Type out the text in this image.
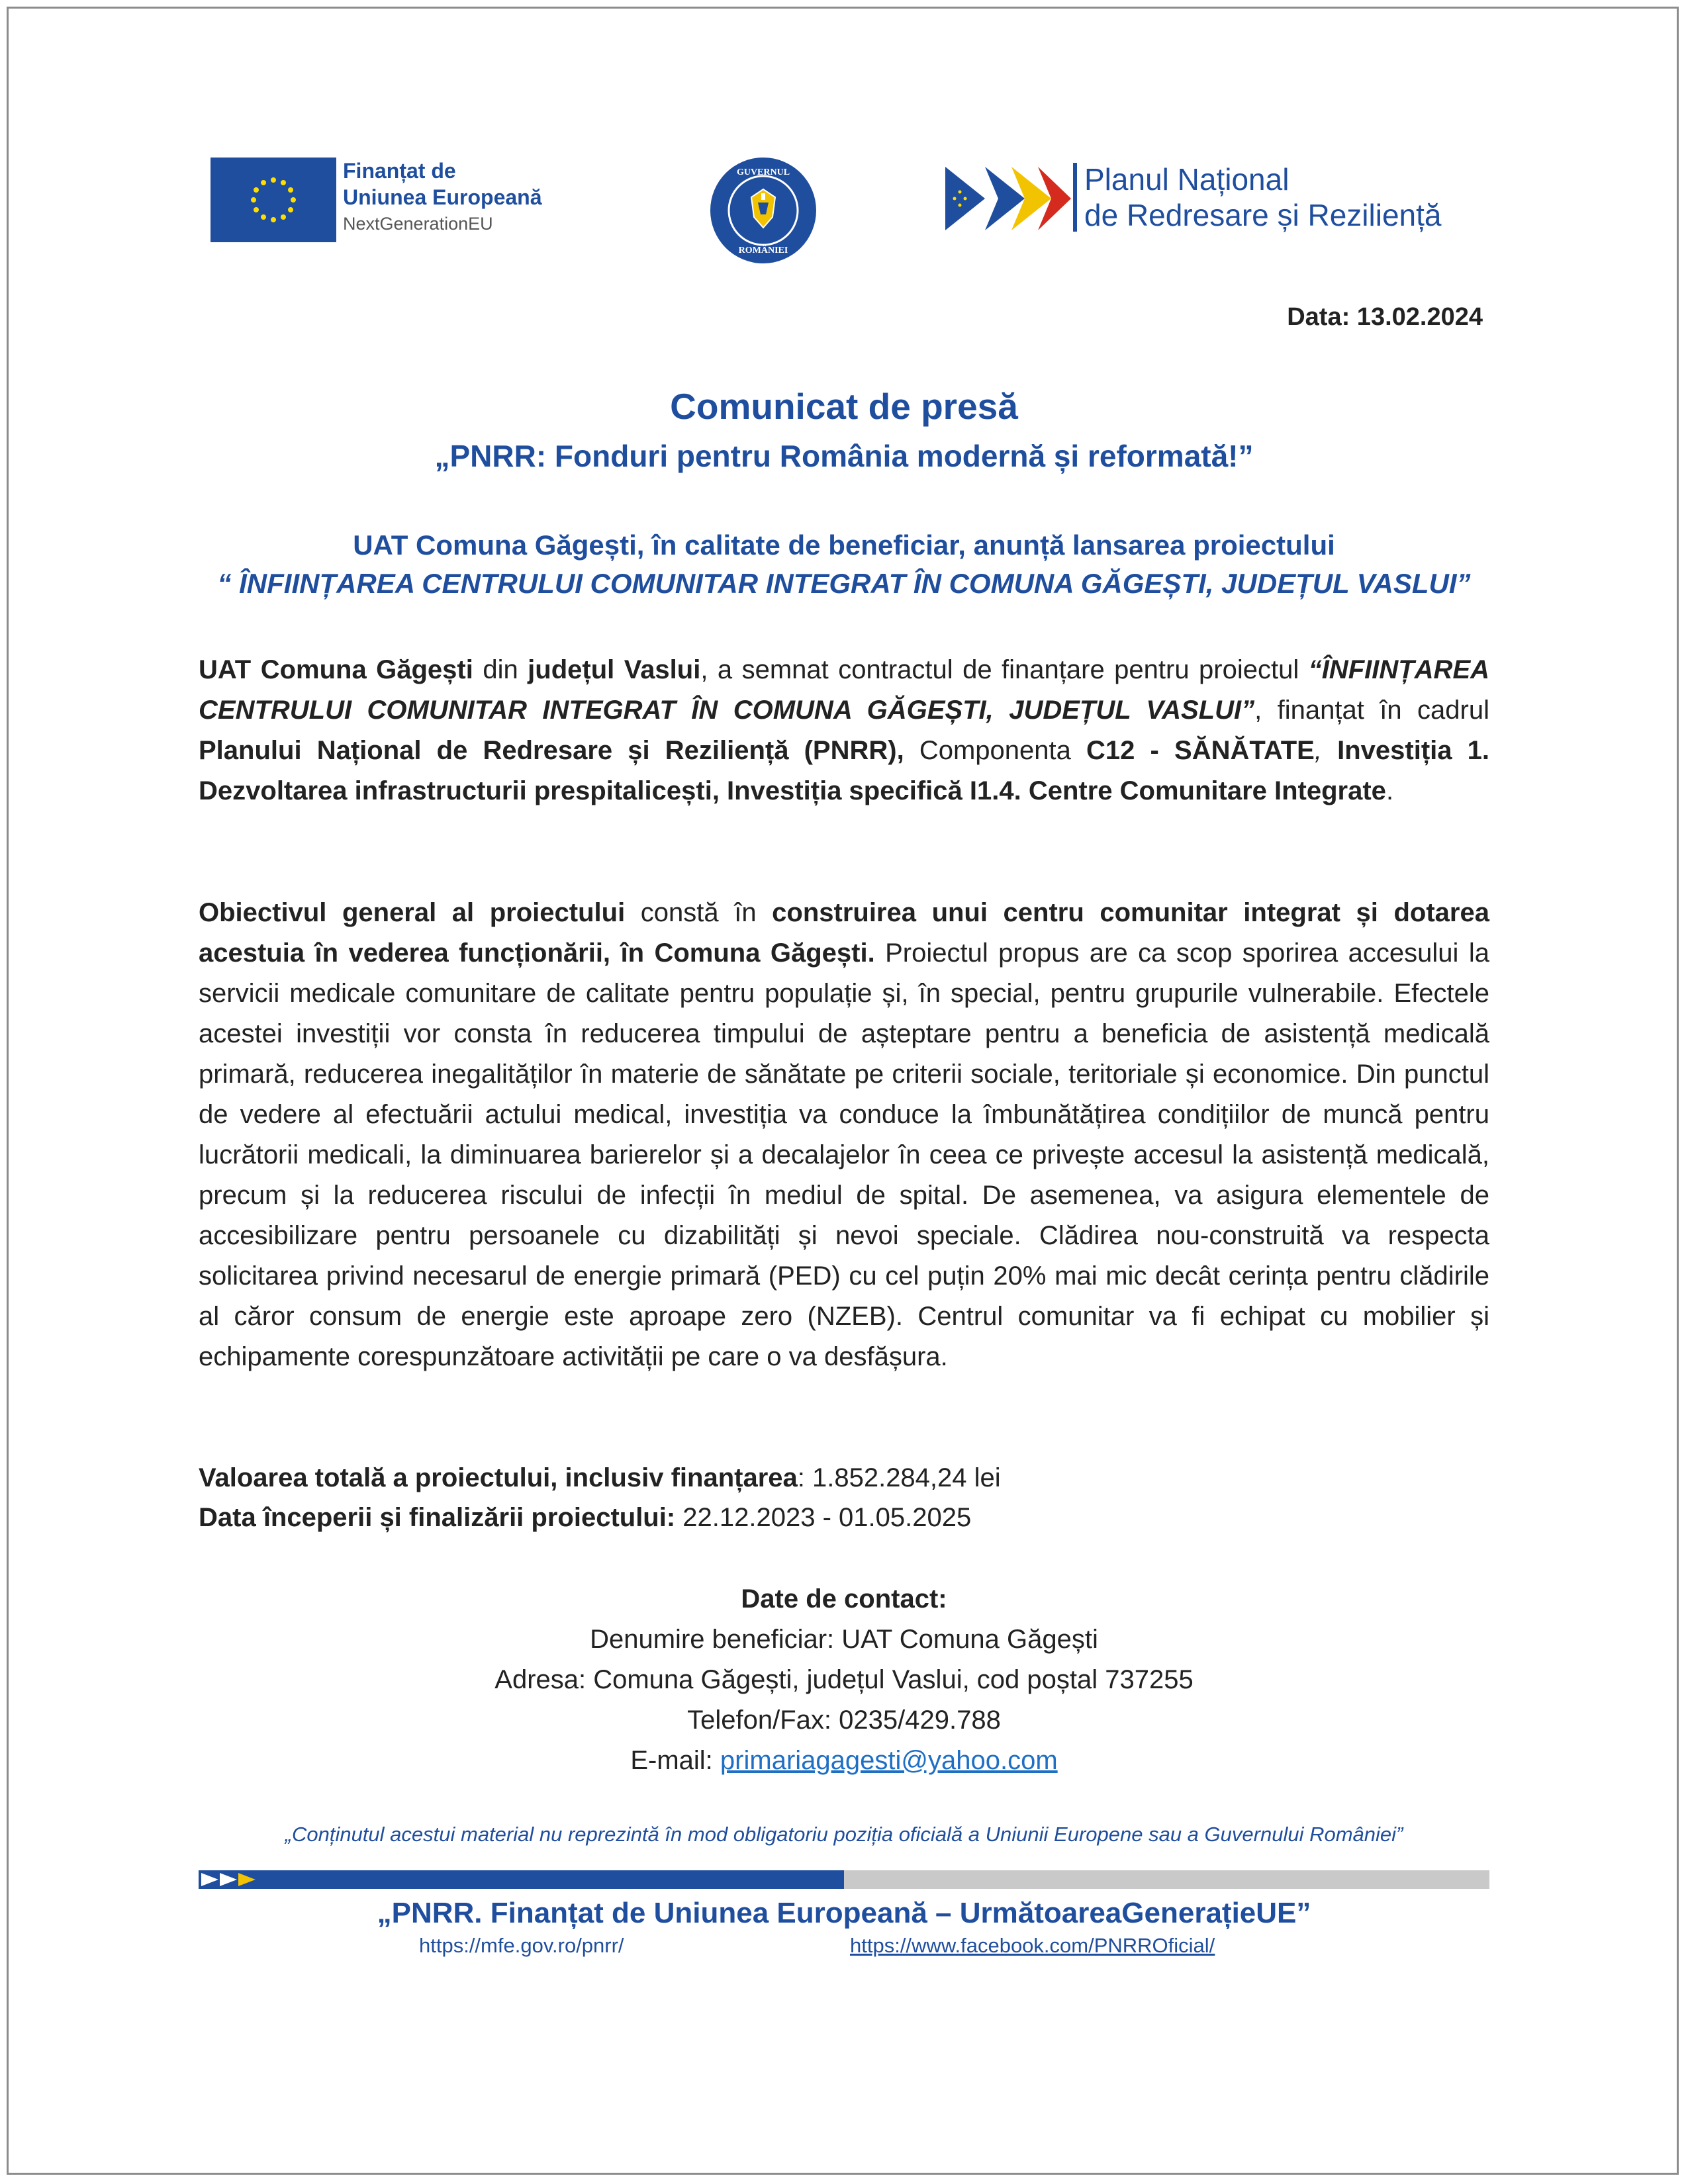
Finanțat de
Uniunea Europeană
NextGenerationEU
GUVERNUL
ROMÂNIEI
Planul Național
de Redresare și Reziliență
Data: 13.02.2024
Comunicat de presă
„PNRR: Fonduri pentru România modernă și reformată!”
UAT Comuna Găgești, în calitate de beneficiar, anunță lansarea proiectului
“ ÎNFIINȚAREA CENTRULUI COMUNITAR INTEGRAT ÎN COMUNA GĂGEȘTI, JUDEȚUL VASLUI”
UAT Comuna Găgești din județul Vaslui, a semnat contractul de finanțare pentru proiectul “ÎNFIINȚAREA CENTRULUI COMUNITAR INTEGRAT ÎN COMUNA GĂGEȘTI, JUDEȚUL VASLUI”, finanțat în cadrul Planului Național de Redresare și Reziliență (PNRR), Componenta C12 - SĂNĂTATE, Investiția 1. Dezvoltarea infrastructurii prespitalicești, Investiția specifică I1.4. Centre Comunitare Integrate.
Obiectivul general al proiectului constă în construirea unui centru comunitar integrat și dotarea acestuia în vederea funcționării, în Comuna Găgești. Proiectul propus are ca scop sporirea accesului la servicii medicale comunitare de calitate pentru populație și, în special, pentru grupurile vulnerabile. Efectele acestei investiții vor consta în reducerea timpului de așteptare pentru a beneficia de asistență medicală primară, reducerea inegalităților în materie de sănătate pe criterii sociale, teritoriale și economice. Din punctul de vedere al efectuării actului medical, investiția va conduce la îmbunătățirea condițiilor de muncă pentru lucrătorii medicali, la diminuarea barierelor și a decalajelor în ceea ce privește accesul la asistență medicală, precum și la reducerea riscului de infecții în mediul de spital. De asemenea, va asigura elementele de accesibilizare pentru persoanele cu dizabilități și nevoi speciale. Clădirea nou-construită va respecta solicitarea privind necesarul de energie primară (PED) cu cel puțin 20% mai mic decât cerința pentru clădirile al căror consum de energie este aproape zero (NZEB). Centrul comunitar va fi echipat cu mobilier și echipamente corespunzătoare activității pe care o va desfășura.
Valoarea totală a proiectului, inclusiv finanțarea: 1.852.284,24 lei
Data începerii și finalizării proiectului: 22.12.2023 - 01.05.2025
Date de contact:
Denumire beneficiar: UAT Comuna Găgești
Adresa: Comuna Găgești, județul Vaslui, cod poștal 737255
Telefon/Fax: 0235/429.788
E-mail: primariagagesti@yahoo.com
„Conținutul acestui material nu reprezintă în mod obligatoriu poziția oficială a Uniunii Europene sau a Guvernului României”
„PNRR. Finanțat de Uniunea Europeană – UrmătoareaGenerațieUE”
https://mfe.gov.ro/pnrr/	https://www.facebook.com/PNRROficial/
